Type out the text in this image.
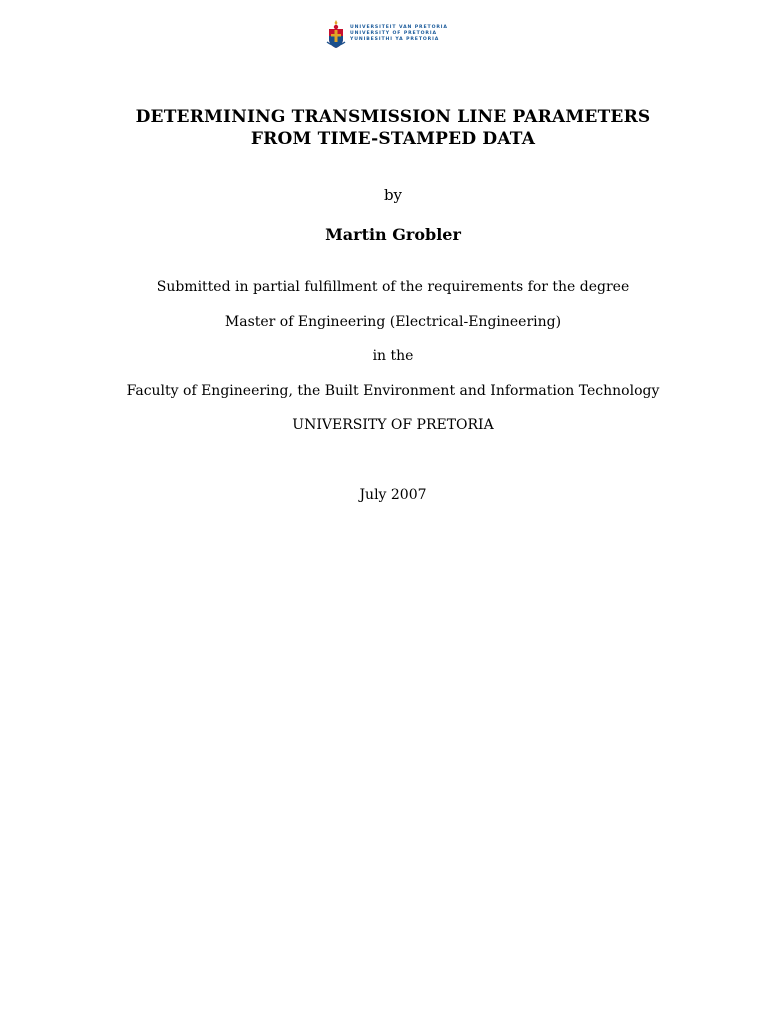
UNIVERSITEIT VAN PRETORIA
UNIVERSITY OF PRETORIA
YUNIBESITHI YA PRETORIA
DETERMINING TRANSMISSION LINE PARAMETERS
FROM TIME-STAMPED DATA
by
Martin Grobler
Submitted in partial fulfillment of the requirements for the degree
Master of Engineering (Electrical-Engineering)
in the
Faculty of Engineering, the Built Environment and Information Technology
UNIVERSITY OF PRETORIA
July 2007
